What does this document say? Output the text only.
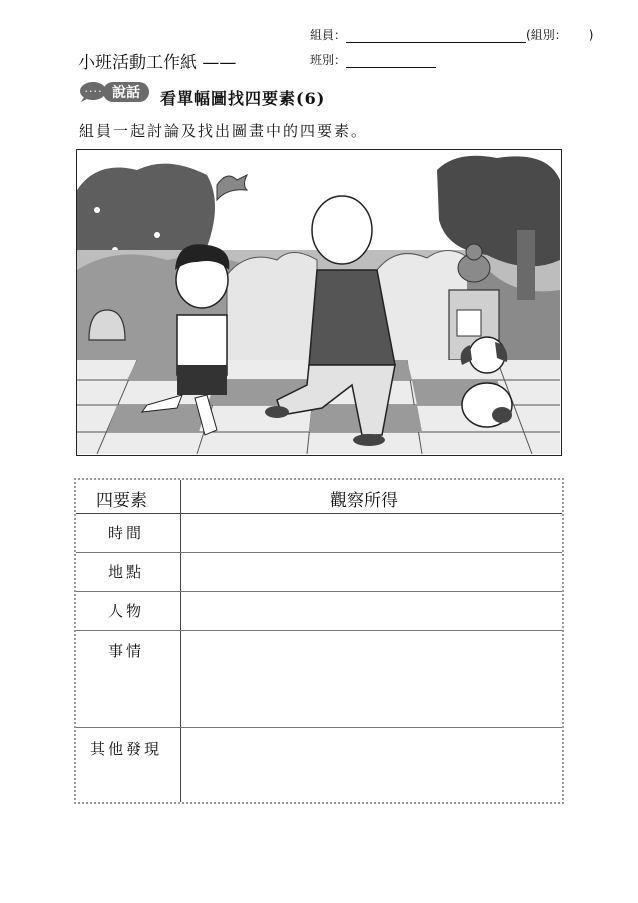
組員：	(組別： )
班別：
小班活動工作紙 ——
• • • • 說話 看單幅圖找四要素(6)
組員一起討論及找出圖畫中的四要素。
四要素	觀察所得
時間
地點
人物
事情
其他發現
